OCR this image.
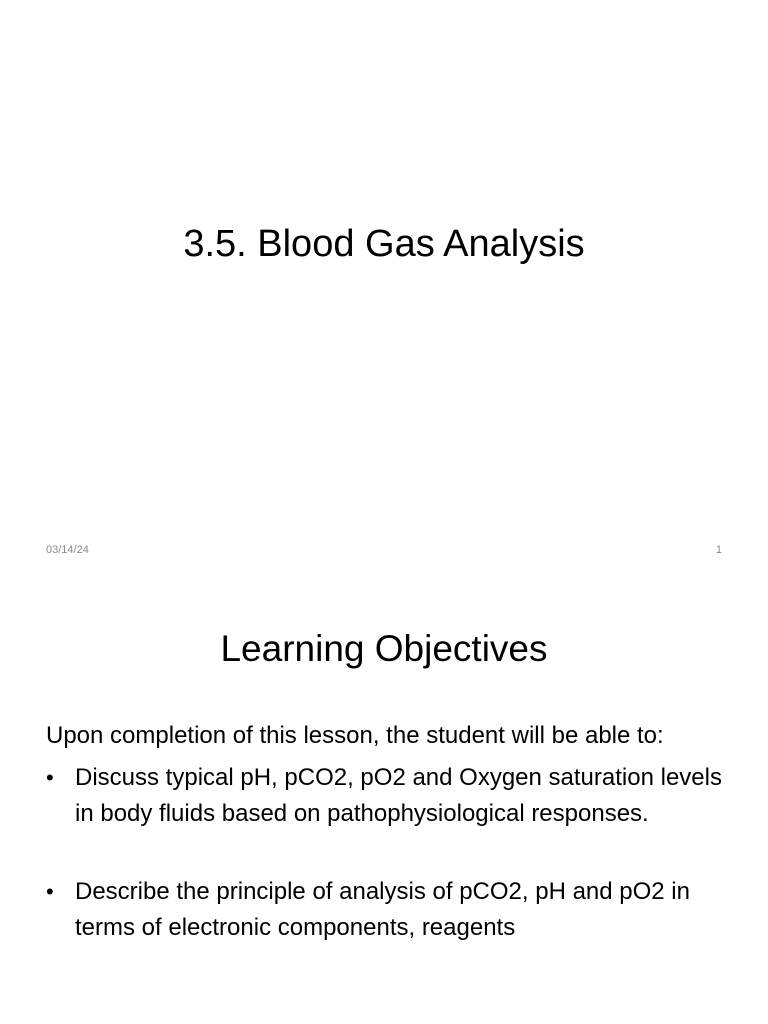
3.5. Blood Gas Analysis
03/14/24	1
Learning Objectives

Upon completion of this lesson, the student will be able to:

• Discuss typical pH, pCO2, pO2 and Oxygen saturation levels in body fluids based on pathophysiological responses.
• Describe the principle of analysis of pCO2, pH and pO2 in terms of electronic components, reagents
